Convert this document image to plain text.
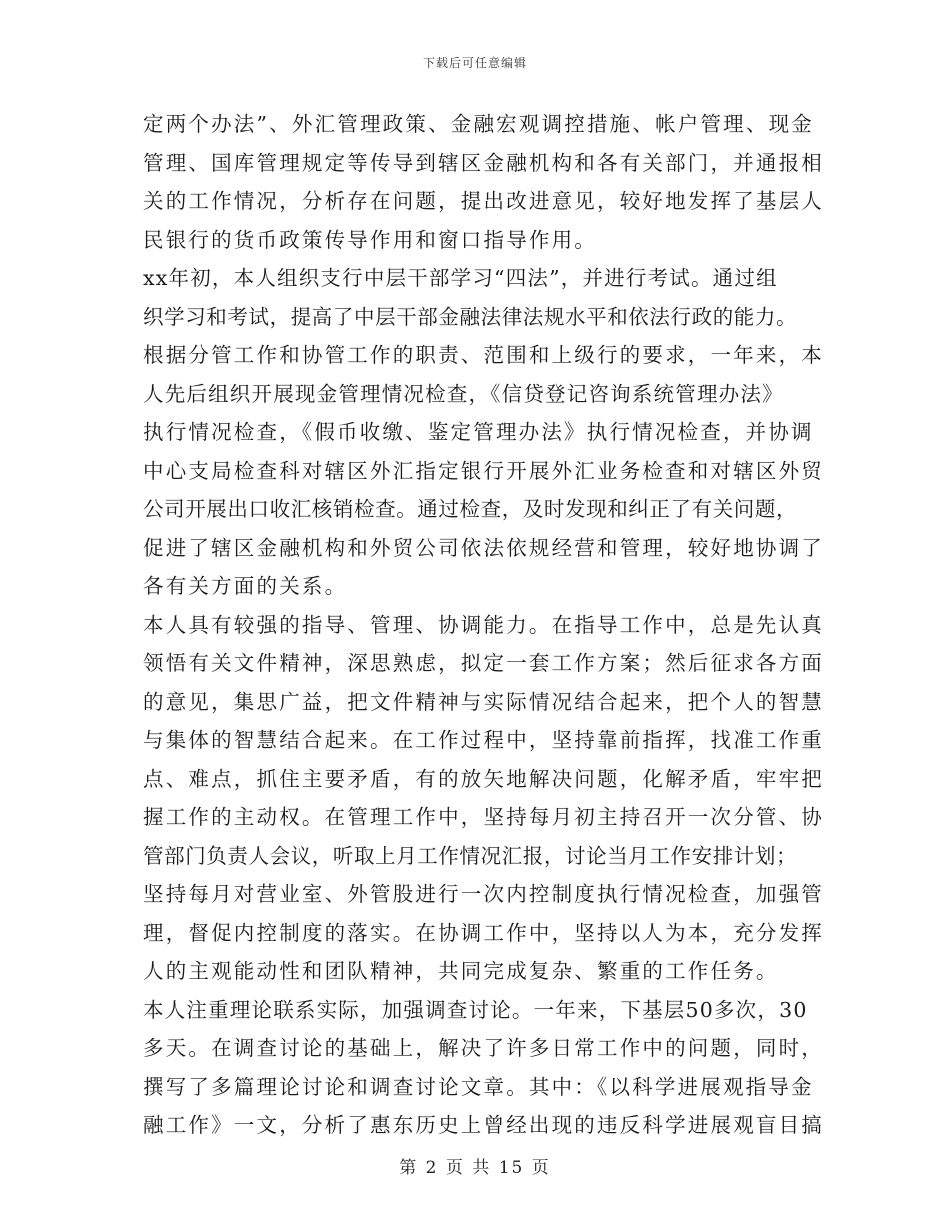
下载后可任意编辑
定两个办法”、外汇管理政策、金融宏观调控措施、帐户管理、现金
管理、国库管理规定等传导到辖区金融机构和各有关部门，并通报相
关的工作情况，分析存在问题，提出改进意见，较好地发挥了基层人
民银行的货币政策传导作用和窗口指导作用。
xx年初，本人组织支行中层干部学习“四法”，并进行考试。通过组
织学习和考试，提高了中层干部金融法律法规水平和依法行政的能力。
根据分管工作和协管工作的职责、范围和上级行的要求，一年来，本
人先后组织开展现金管理情况检查，《信贷登记咨询系统管理办法》
执行情况检查，《假币收缴、鉴定管理办法》执行情况检查，并协调
中心支局检查科对辖区外汇指定银行开展外汇业务检查和对辖区外贸
公司开展出口收汇核销检查。通过检查，及时发现和纠正了有关问题，
促进了辖区金融机构和外贸公司依法依规经营和管理，较好地协调了
各有关方面的关系。
本人具有较强的指导、管理、协调能力。在指导工作中，总是先认真
领悟有关文件精神，深思熟虑，拟定一套工作方案；然后征求各方面
的意见，集思广益，把文件精神与实际情况结合起来，把个人的智慧
与集体的智慧结合起来。在工作过程中，坚持靠前指挥，找准工作重
点、难点，抓住主要矛盾，有的放矢地解决问题，化解矛盾，牢牢把
握工作的主动权。在管理工作中，坚持每月初主持召开一次分管、协
管部门负责人会议，听取上月工作情况汇报，讨论当月工作安排计划；
坚持每月对营业室、外管股进行一次内控制度执行情况检查，加强管
理，督促内控制度的落实。在协调工作中，坚持以人为本，充分发挥
人的主观能动性和团队精神，共同完成复杂、繁重的工作任务。
本人注重理论联系实际，加强调查讨论。一年来，下基层50多次，30
多天。在调查讨论的基础上，解决了许多日常工作中的问题，同时，
撰写了多篇理论讨论和调查讨论文章。其中：《以科学进展观指导金
融工作》一文，分析了惠东历史上曾经出现的违反科学进展观盲目搞
第 2 页 共 15 页
